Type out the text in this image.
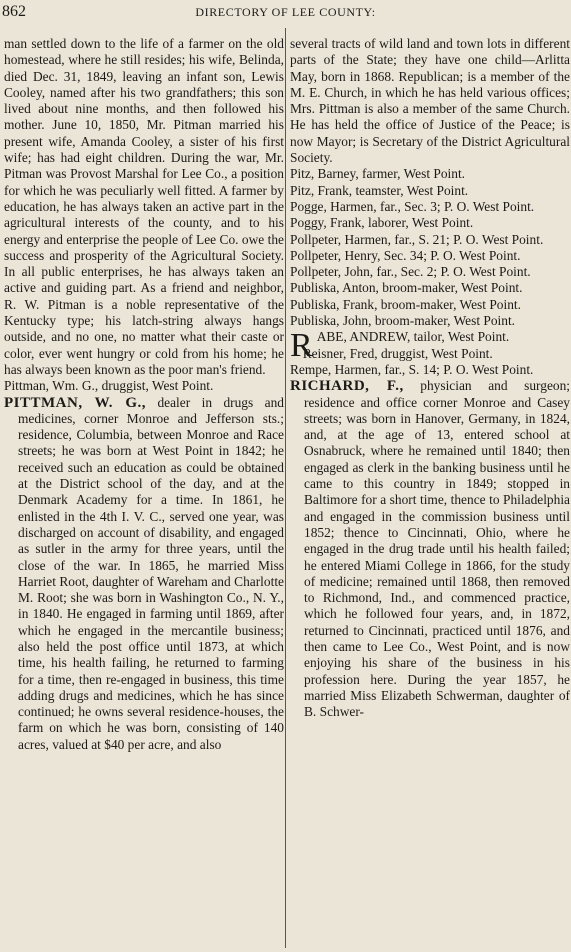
862	DIRECTORY OF LEE COUNTY:

man settled down to the life of a farmer on the old homestead, where he still resides; his wife, Belinda, died Dec. 31, 1849, leaving an infant son, Lewis Cooley, named after his two grandfathers; this son lived about nine months, and then followed his mother. June 10, 1850, Mr. Pitman married his present wife, Amanda Cooley, a sister of his first wife; has had eight children. During the war, Mr. Pitman was Provost Marshal for Lee Co., a position for which he was peculiarly well fitted. A farmer by education, he has always taken an active part in the agricultural interests of the county, and to his energy and enterprise the people of Lee Co. owe the success and prosperity of the Agricultural Society. In all public enterprises, he has always taken an active and guiding part. As a friend and neighbor, R. W. Pitman is a noble representative of the Kentucky type; his latch-string always hangs outside, and no one, no matter what their caste or color, ever went hungry or cold from his home; he has always been known as the poor man's friend.

Pittman, Wm. G., druggist, West Point.

PITTMAN, W. G., dealer in drugs and medicines, corner Monroe and Jefferson sts.; residence, Columbia, between Monroe and Race streets; he was born at West Point in 1842; he received such an education as could be obtained at the District school of the day, and at the Denmark Academy for a time. In 1861, he enlisted in the 4th I. V. C., served one year, was discharged on account of disability, and engaged as sutler in the army for three years, until the close of the war. In 1865, he married Miss Harriet Root, daughter of Wareham and Charlotte M. Root; she was born in Washington Co., N. Y., in 1840. He engaged in farming until 1869, after which he engaged in the mercantile business; also held the post office until 1873, at which time, his health failing, he returned to farming for a time, then re-engaged in business, this time adding drugs and medicines, which he has since continued; he owns several residence-houses, the farm on which he was born, consisting of 140 acres, valued at $40 per acre, and also

several tracts of wild land and town lots in different parts of the State; they have one child—Arlitta May, born in 1868. Republican; is a member of the M. E. Church, in which he has held various offices; Mrs. Pittman is also a member of the same Church. He has held the office of Justice of the Peace; is now Mayor; is Secretary of the District Agricultural Society.

Pitz, Barney, farmer, West Point.

Pitz, Frank, teamster, West Point.

Pogge, Harmen, far., Sec. 3; P. O. West Point.

Poggy, Frank, laborer, West Point.

Pollpeter, Harmen, far., S. 21; P. O. West Point.

Pollpeter, Henry, Sec. 34; P. O. West Point.

Pollpeter, John, far., Sec. 2; P. O. West Point.

Publiska, Anton, broom-maker, West Point.

Publiska, Frank, broom-maker, West Point.

Publiska, John, broom-maker, West Point.

RABE, ANDREW, tailor, West Point.

Reisner, Fred, druggist, West Point.

Rempe, Harmen, far., S. 14; P. O. West Point.

RICHARD, F., physician and surgeon; residence and office corner Monroe and Casey streets; was born in Hanover, Germany, in 1824, and, at the age of 13, entered school at Osnabruck, where he remained until 1840; then engaged as clerk in the banking business until he came to this country in 1849; stopped in Baltimore for a short time, thence to Philadelphia and engaged in the commission business until 1852; thence to Cincinnati, Ohio, where he engaged in the drug trade until his health failed; he entered Miami College in 1866, for the study of medicine; remained until 1868, then removed to Richmond, Ind., and commenced practice, which he followed four years, and, in 1872, returned to Cincinnati, practiced until 1876, and then came to Lee Co., West Point, and is now enjoying his share of the business in his profession here. During the year 1857, he married Miss Elizabeth Schwerman, daughter of B. Schwer-
